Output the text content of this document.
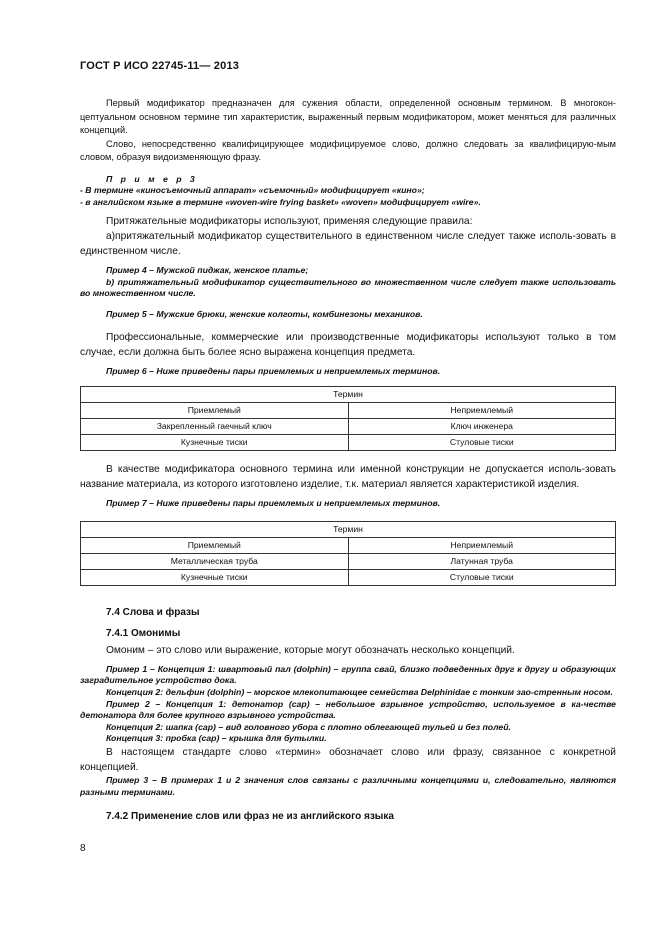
ГОСТ Р ИСО 22745-11— 2013

Первый модификатор предназначен для сужения области, определенной основным термином. В многокон-цептуальном основном термине тип характеристик, выраженный первым модификатором, может меняться для различных концепций.

Слово, непосредственно квалифицирующее модифицируемое слово, должно следовать за квалифицирую-мым словом, образуя видоизменяющую фразу.

П р и м е р 3

- В термине «киносъемочный аппарат» «съемочный» модифицирует «кино»;

- в английском языке в термине «woven-wire frying basket» «woven» модифицирует «wire».

Притяжательные модификаторы используют, применяя следующие правила:

а)притяжательный модификатор существительного в единственном числе следует также исполь-зовать в единственном числе.

Пример 4 – Мужской пиджак, женское платье;

b) притяжательный модификатор существительного во множественном числе следует также использовать во множественном числе.

Пример 5 – Мужские брюки, женские колготы, комбинезоны механиков.

Профессиональные, коммерческие или производственные модификаторы используют только в том случае, если должна быть более ясно выражена концепция предмета.

Пример 6 – Ниже приведены пары приемлемых и неприемлемых терминов.

Термин	
Приемлемый	Неприемлемый
Закрепленный гаечный ключ	Ключ инженера
Кузнечные тиски	Стуловые тиски

В качестве модификатора основного термина или именной конструкции не допускается исполь-зовать название материала, из которого изготовлено изделие, т.к. материал является характеристикой изделия.

Пример 7 – Ниже приведены пары приемлемых и неприемлемых терминов.

Термин	
Приемлемый	Неприемлемый
Металлическая труба	Латунная труба
Кузнечные тиски	Стуловые тиски

7.4 Слова и фразы

7.4.1 Омонимы

Омоним – это слово или выражение, которые могут обозначать несколько концепций.

Пример 1 – Концепция 1: швартовый пал (dolphin) – группа свай, близко подведенных друг к другу и образующих заградительное устройство дока.

Концепция 2: дельфин (dolphin) – морское млекопитающее семейства Delphinidae с тонким зао-стренным носом.

Пример 2 – Концепция 1: детонатор (cap) – небольшое взрывное устройство, используемое в ка-честве детонатора для более крупного взрывного устройства.

Концепция 2: шапка (cap) – вид головного убора с плотно облегающей тульей и без полей.

Концепция 3: пробка (cap) – крышка для бутылки.

В настоящем стандарте слово «термин» обозначает слово или фразу, связанное с конкретной концепцией.

Пример 3 – В примерах 1 и 2 значения слов связаны с различными концепциями и, следовательно, являются разными терминами.

7.4.2 Применение слов или фраз не из английского языка

8
